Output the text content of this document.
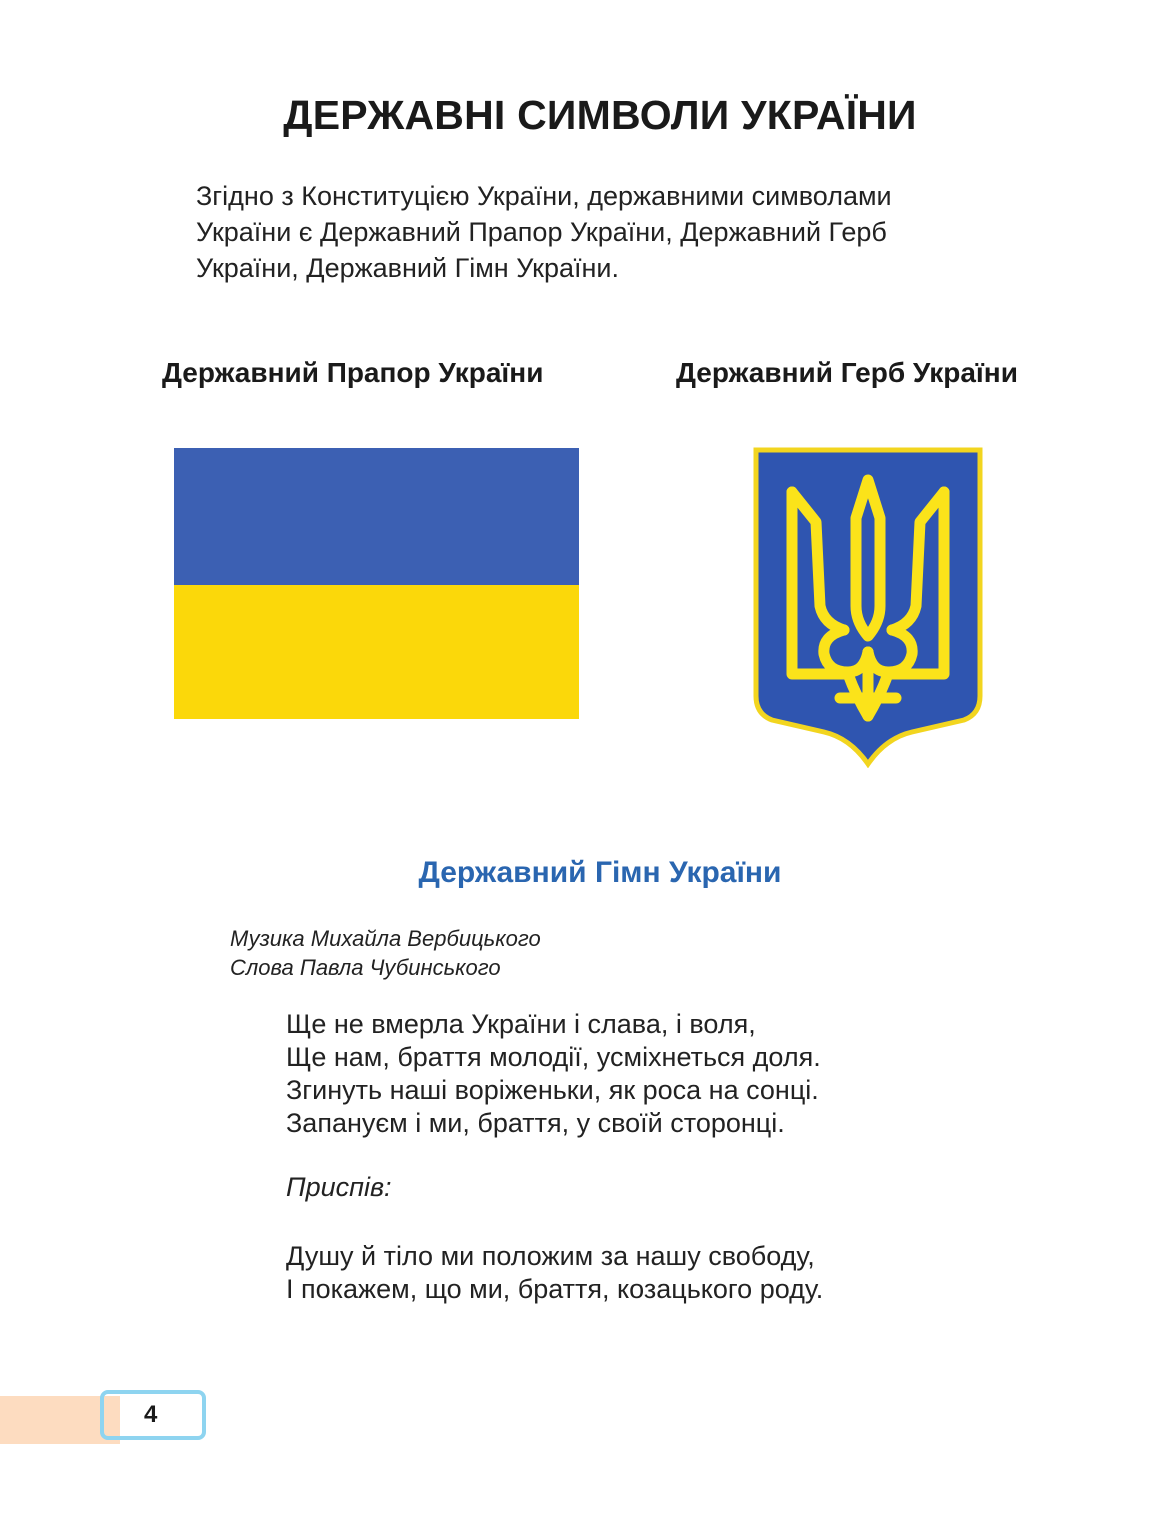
ДЕРЖАВНІ СИМВОЛИ УКРАЇНИ
Згідно з Конституцією України, державними символами
України є Державний Прапор України, Державний Герб
України, Державний Гімн України.
Державний Прапор України	Державний Герб України
Державний Гімн України
Музика Михайла Вербицького
Слова Павла Чубинського
Ще не вмерла України і слава, і воля,
Ще нам, браття молодії, усміхнеться доля.
Згинуть наші воріженьки, як роса на сонці.
Запануєм і ми, браття, у своїй сторонці.
Приспів:
Душу й тіло ми положим за нашу свободу,
І покажем, що ми, браття, козацького роду.
4
